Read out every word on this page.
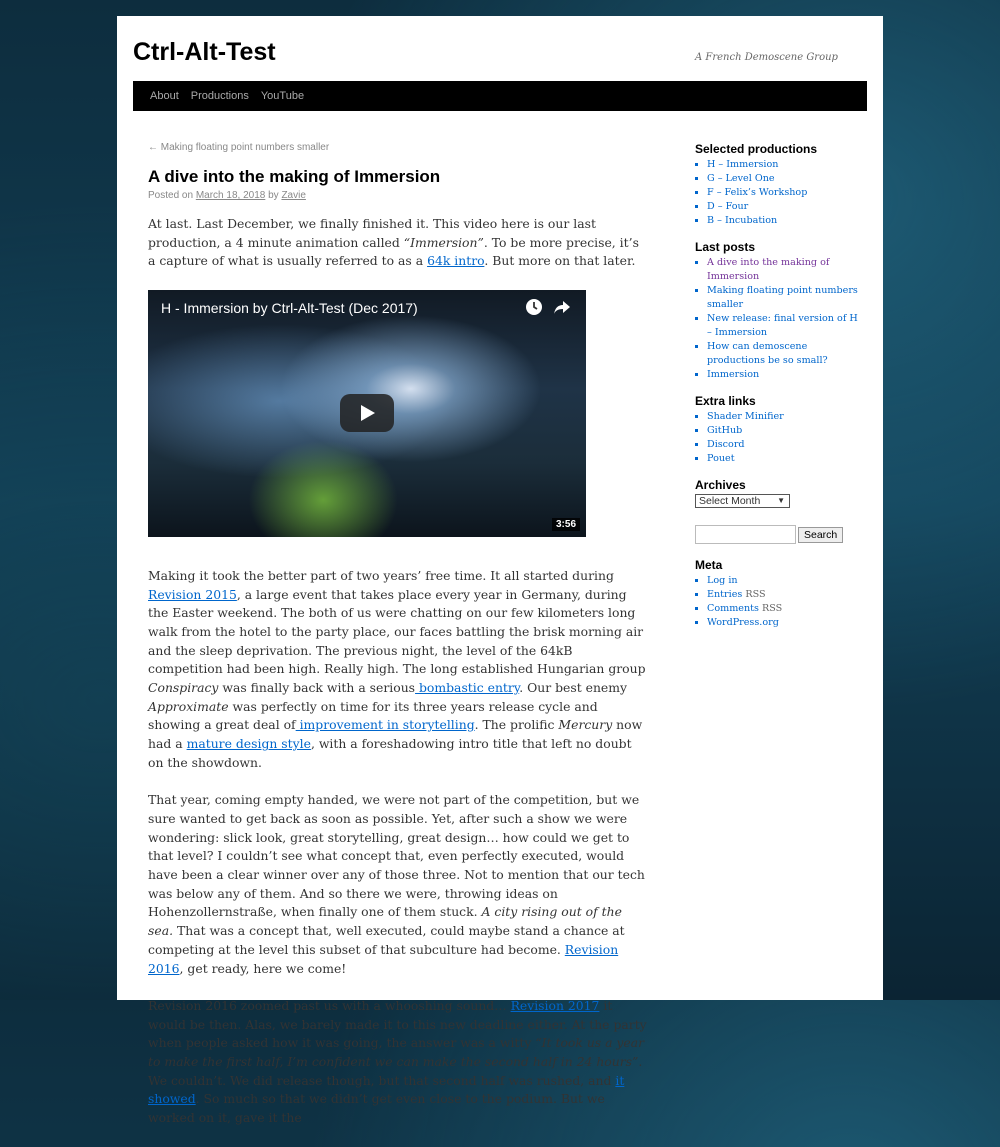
Ctrl-Alt-Test	A French Demoscene Group
About Productions YouTube
← Making floating point numbers smaller
A dive into the making of Immersion
Posted on March 18, 2018 by Zavie

At last. Last December, we finally finished it. This video here is our last production, a 4 minute animation called “Immersion”. To be more precise, it’s a capture of what is usually referred to as a 64k intro. But more on that later.

H - Immersion by Ctrl-Alt-Test (Dec 2017)
3:56

Making it took the better part of two years’ free time. It all started during Revision 2015, a large event that takes place every year in Germany, during the Easter weekend. The both of us were chatting on our few kilometers long walk from the hotel to the party place, our faces battling the brisk morning air and the sleep deprivation. The previous night, the level of the 64kB competition had been high. Really high. The long established Hungarian group Conspiracy was finally back with a serious bombastic entry. Our best enemy Approximate was perfectly on time for its three years release cycle and showing a great deal of improvement in storytelling. The prolific Mercury now had a mature design style, with a foreshadowing intro title that left no doubt on the showdown.

That year, coming empty handed, we were not part of the competition, but we sure wanted to get back as soon as possible. Yet, after such a show we were wondering: slick look, great storytelling, great design… how could we get to that level? I couldn’t see what concept that, even perfectly executed, would have been a clear winner over any of those three. Not to mention that our tech was below any of them. And so there we were, throwing ideas on Hohenzollernstraße, when finally one of them stuck. A city rising out of the sea. That was a concept that, well executed, could maybe stand a chance at competing at the level this subset of that subculture had become. Revision 2016, get ready, here we come!

Revision 2016 zoomed past us with a whooshing sound… Revision 2017 it would be then. Alas, we barely made it to this new deadline either. At the party when people asked how it was going, the answer was a witty “It took us a year to make the first half, I’m confident we can make the second half in 24 hours”. We couldn’t. We did release though, but that second half was rushed, and it showed. So much so that we didn’t get even close to the podium. But we worked on it, gave it the

Selected productions
▪ H – Immersion
▪ G – Level One
▪ F – Felix’s Workshop
▪ D – Four
▪ B – Incubation
Last posts
▪ A dive into the making of Immersion
▪ Making floating point numbers smaller
▪ New release: final version of H – Immersion
▪ How can demoscene productions be so small?
▪ Immersion
Extra links
▪ Shader Minifier
▪ GitHub
▪ Discord
▪ Pouet
Archives
Select Month ▼
Search
Meta
▪ Log in
▪ Entries RSS
▪ Comments RSS
▪ WordPress.org
